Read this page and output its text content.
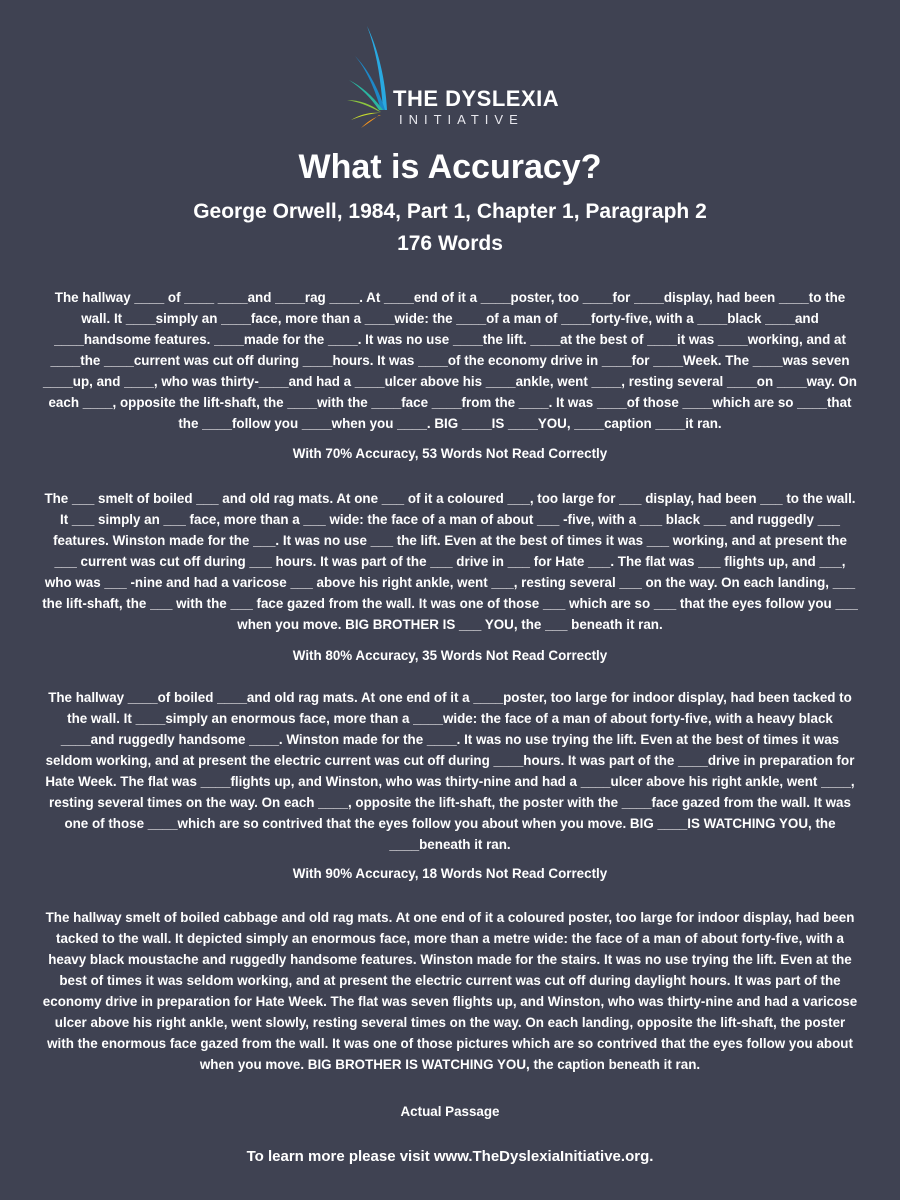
THE DYSLEXIA
INITIATIVE
What is Accuracy?
George Orwell, 1984, Part 1, Chapter 1, Paragraph 2
176 Words
The hallway ____ of ____ ____and ____rag ____. At ____end of it a ____poster, too ____for ____display, had been ____to the wall. It ____simply an ____face, more than a ____wide: the ____of a man of ____forty-five, with a ____black ____and ____handsome features. ____made for the ____. It was no use ____the lift. ____at the best of ____it was ____working, and at ____the ____current was cut off during ____hours. It was ____of the economy drive in ____for ____Week. The ____was seven ____up, and ____, who was thirty-____and had a ____ulcer above his ____ankle, went ____, resting several ____on ____way. On each ____, opposite the lift-shaft, the ____with the ____face ____from the ____. It was ____of those ____which are so ____that the ____follow you ____when you ____. BIG ____IS ____YOU, ____caption ____it ran.
With 70% Accuracy, 53 Words Not Read Correctly
The ___ smelt of boiled ___ and old rag mats. At one ___ of it a coloured ___, too large for ___ display, had been ___ to the wall. It ___ simply an ___ face, more than a ___ wide: the face of a man of about ___ -five, with a ___ black ___ and ruggedly ___ features. Winston made for the ___. It was no use ___ the lift. Even at the best of times it was ___ working, and at present the ___ current was cut off during ___ hours. It was part of the ___ drive in ___ for Hate ___. The flat was ___ flights up, and ___, who was ___ -nine and had a varicose ___ above his right ankle, went ___, resting several ___ on the way. On each landing, ___ the lift-shaft, the ___ with the ___ face gazed from the wall. It was one of those ___ which are so ___ that the eyes follow you ___ when you move. BIG BROTHER IS ___ YOU, the ___ beneath it ran.
With 80% Accuracy, 35 Words Not Read Correctly
The hallway ____of boiled ____and old rag mats. At one end of it a ____poster, too large for indoor display, had been tacked to the wall. It ____simply an enormous face, more than a ____wide: the face of a man of about forty-five, with a heavy black ____and ruggedly handsome ____. Winston made for the ____. It was no use trying the lift. Even at the best of times it was seldom working, and at present the electric current was cut off during ____hours. It was part of the ____drive in preparation for Hate Week. The flat was ____flights up, and Winston, who was thirty-nine and had a ____ulcer above his right ankle, went ____, resting several times on the way. On each ____, opposite the lift-shaft, the poster with the ____face gazed from the wall. It was one of those ____which are so contrived that the eyes follow you about when you move. BIG ____IS WATCHING YOU, the ____beneath it ran.
With 90% Accuracy, 18 Words Not Read Correctly
The hallway smelt of boiled cabbage and old rag mats. At one end of it a coloured poster, too large for indoor display, had been tacked to the wall. It depicted simply an enormous face, more than a metre wide: the face of a man of about forty-five, with a heavy black moustache and ruggedly handsome features. Winston made for the stairs. It was no use trying the lift. Even at the best of times it was seldom working, and at present the electric current was cut off during daylight hours. It was part of the economy drive in preparation for Hate Week. The flat was seven flights up, and Winston, who was thirty-nine and had a varicose ulcer above his right ankle, went slowly, resting several times on the way. On each landing, opposite the lift-shaft, the poster with the enormous face gazed from the wall. It was one of those pictures which are so contrived that the eyes follow you about when you move. BIG BROTHER IS WATCHING YOU, the caption beneath it ran.
Actual Passage
To learn more please visit www.TheDyslexiaInitiative.org.
